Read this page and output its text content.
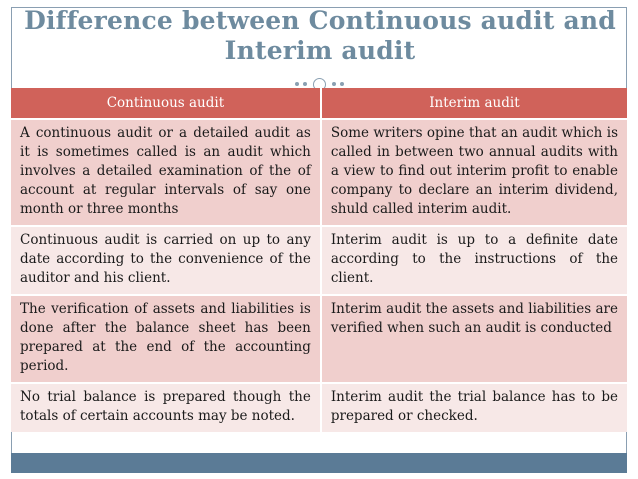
Difference between Continuous audit and Interim audit
Continuous audit	Interim audit
A continuous audit or a detailed audit as it is sometimes called is an audit which involves a detailed examination of the of account at regular intervals of say one month or three months	Some writers opine that an audit which is called in between two annual audits with a view to find out interim profit to enable company to declare an interim dividend, shuld called interim audit.
Continuous audit is carried on up to any date according to the convenience of the auditor and his client.	Interim audit is up to a definite date according to the instructions of the client.
The verification of assets and liabilities is done after the balance sheet has been prepared at the end of the accounting period.	Interim audit the assets and liabilities are verified when such an audit is conducted
No trial balance is prepared though the totals of certain accounts may be noted.	Interim audit the trial balance has to be prepared or checked.
